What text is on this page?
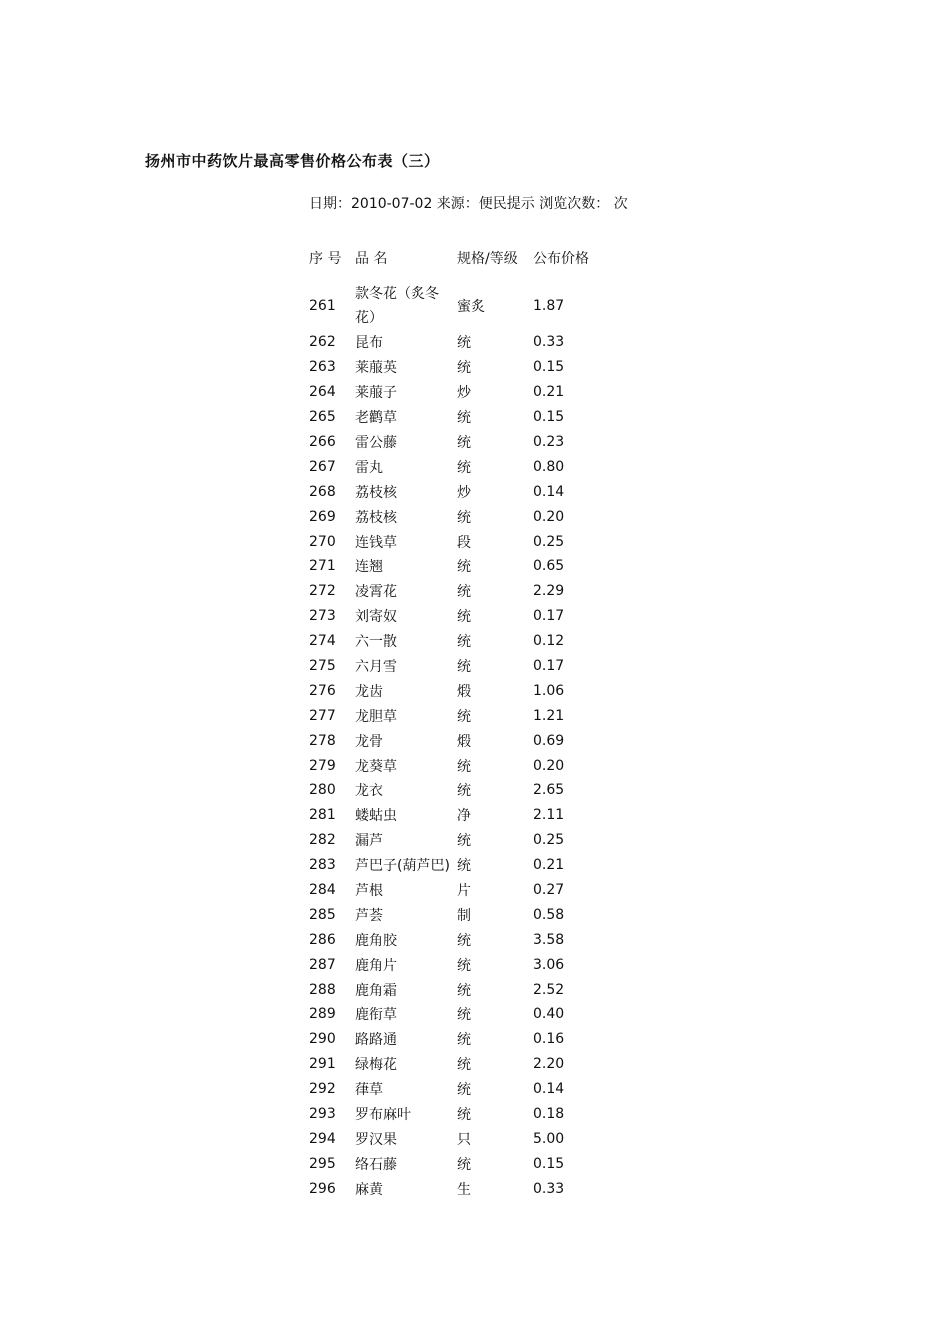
扬州市中药饮片最高零售价格公布表（三）
日期：2010-07-02 来源：便民提示 浏览次数： 次
序 号	品 名	规格/等级	公布价格
261	款冬花（炙冬花）	蜜炙	1.87
262	昆布	统	0.33
263	莱菔英	统	0.15
264	莱菔子	炒	0.21
265	老鹳草	统	0.15
266	雷公藤	统	0.23
267	雷丸	统	0.80
268	荔枝核	炒	0.14
269	荔枝核	统	0.20
270	连钱草	段	0.25
271	连翘	统	0.65
272	凌霄花	统	2.29
273	刘寄奴	统	0.17
274	六一散	统	0.12
275	六月雪	统	0.17
276	龙齿	煅	1.06
277	龙胆草	统	1.21
278	龙骨	煅	0.69
279	龙葵草	统	0.20
280	龙衣	统	2.65
281	蝼蛄虫	净	2.11
282	漏芦	统	0.25
283	芦巴子(葫芦巴)	统	0.21
284	芦根	片	0.27
285	芦荟	制	0.58
286	鹿角胶	统	3.58
287	鹿角片	统	3.06
288	鹿角霜	统	2.52
289	鹿衔草	统	0.40
290	路路通	统	0.16
291	绿梅花	统	2.20
292	葎草	统	0.14
293	罗布麻叶	统	0.18
294	罗汉果	只	5.00
295	络石藤	统	0.15
296	麻黄	生	0.33
